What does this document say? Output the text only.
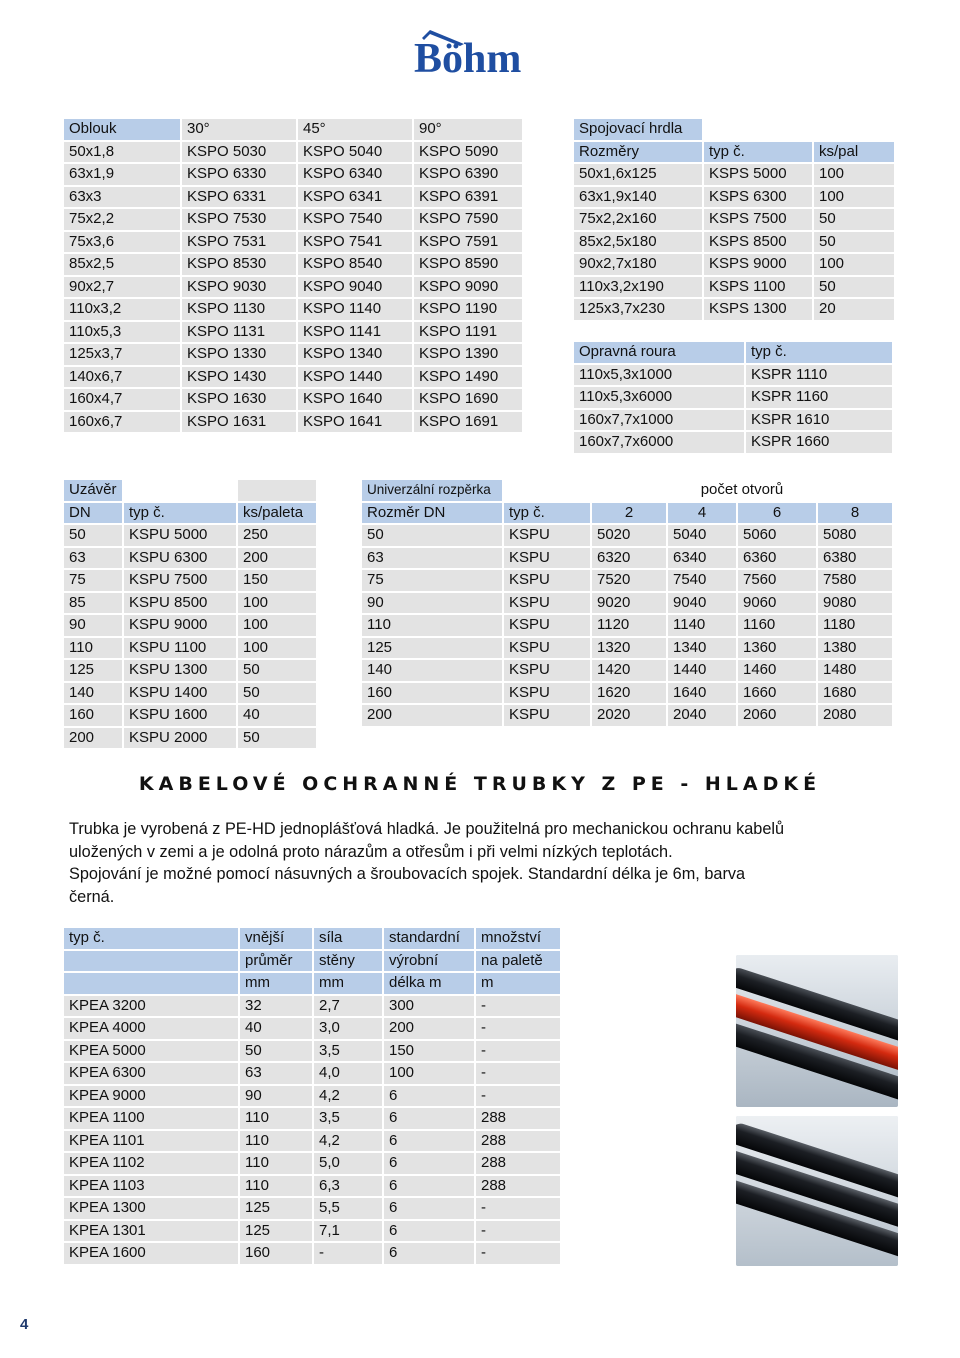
Böhm
Oblouk	30°	45°	90°
50x1,8	KSPO 5030	KSPO 5040	KSPO 5090
63x1,9	KSPO 6330	KSPO 6340	KSPO 6390
63x3	KSPO 6331	KSPO 6341	KSPO 6391
75x2,2	KSPO 7530	KSPO 7540	KSPO 7590
75x3,6	KSPO 7531	KSPO 7541	KSPO 7591
85x2,5	KSPO 8530	KSPO 8540	KSPO 8590
90x2,7	KSPO 9030	KSPO 9040	KSPO 9090
110x3,2	KSPO 1130	KSPO 1140	KSPO 1190
110x5,3	KSPO 1131	KSPO 1141	KSPO 1191
125x3,7	KSPO 1330	KSPO 1340	KSPO 1390
140x6,7	KSPO 1430	KSPO 1440	KSPO 1490
160x4,7	KSPO 1630	KSPO 1640	KSPO 1690
160x6,7	KSPO 1631	KSPO 1641	KSPO 1691
Spojovací hrdla		
Rozměry	typ č.	ks/pal
50x1,6x125	KSPS 5000	100
63x1,9x140	KSPS 6300	100
75x2,2x160	KSPS 7500	50
85x2,5x180	KSPS 8500	50
90x2,7x180	KSPS 9000	100
110x3,2x190	KSPS 1100	50
125x3,7x230	KSPS 1300	20
Opravná roura	typ č.
110x5,3x1000	KSPR 1110
110x5,3x6000	KSPR 1160
160x7,7x1000	KSPR 1610
160x7,7x6000	KSPR 1660
Uzávěr		
DN	typ č.	ks/paleta
50	KSPU 5000	250
63	KSPU 6300	200
75	KSPU 7500	150
85	KSPU 8500	100
90	KSPU 9000	100
110	KSPU 1100	100
125	KSPU 1300	50
140	KSPU 1400	50
160	KSPU 1600	40
200	KSPU 2000	50
Univerzální rozpěrka		počet otvorů			
Rozměr DN	typ č.	2	4	6	8
50	KSPU	5020	5040	5060	5080
63	KSPU	6320	6340	6360	6380
75	KSPU	7520	7540	7560	7580
90	KSPU	9020	9040	9060	9080
110	KSPU	1120	1140	1160	1180
125	KSPU	1320	1340	1360	1380
140	KSPU	1420	1440	1460	1480
160	KSPU	1620	1640	1660	1680
200	KSPU	2020	2040	2060	2080
KABELOVÉ OCHRANNÉ TRUBKY Z PE - HLADKÉ

Trubka je vyrobená z PE-HD jednoplášťová hladká. Je použitelná pro mechanickou ochranu kabelů

uložených v zemi a je odolná proto nárazům a otřesům i při velmi nízkých teplotách.

Spojování je možné pomocí násuvných a šroubovacích spojek. Standardní délka je 6m, barva

černá.

typ č.	vnější	síla	standardní	množství
	průměr	stěny	výrobní	na paletě
	mm	mm	délka m	m
KPEA 3200	32	2,7	300	-
KPEA 4000	40	3,0	200	-
KPEA 5000	50	3,5	150	-
KPEA 6300	63	4,0	100	-
KPEA 9000	90	4,2	6	-
KPEA 1100	110	3,5	6	288
KPEA 1101	110	4,2	6	288
KPEA 1102	110	5,0	6	288
KPEA 1103	110	6,3	6	288
KPEA 1300	125	5,5	6	-
KPEA 1301	125	7,1	6	-
KPEA 1600	160	-	6	-
4
